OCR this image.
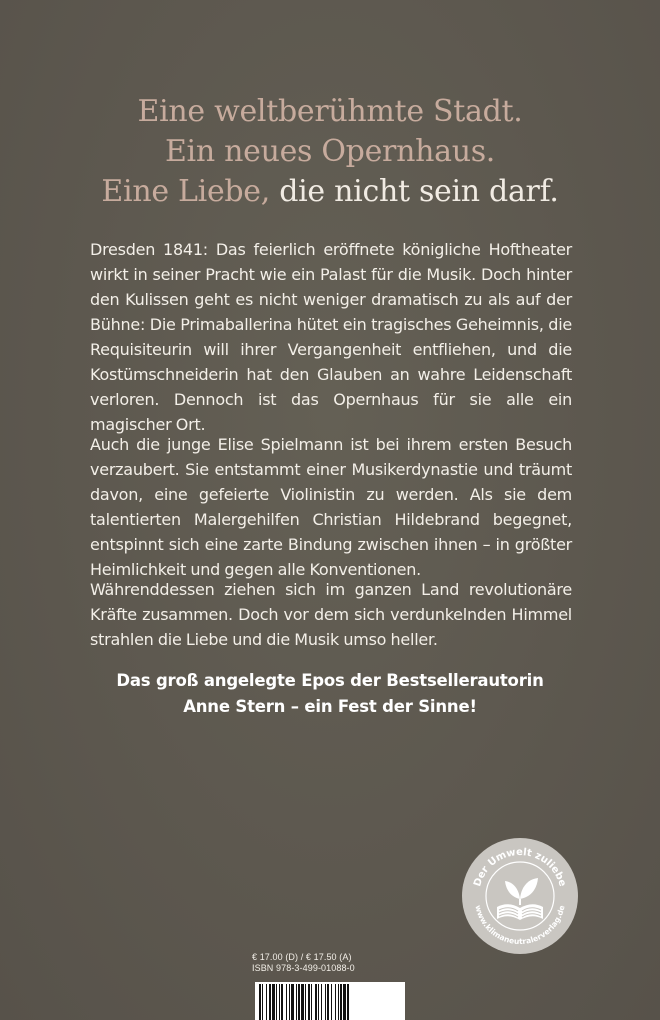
Eine weltberühmte Stadt.
Ein neues Opernhaus.
Eine Liebe, die nicht sein darf.

Dresden 1841: Das feierlich eröffnete königliche Hoftheater wirkt in seiner Pracht wie ein Palast für die Musik. Doch hinter den Kulissen geht es nicht weniger dramatisch zu als auf der Bühne: Die Primaballerina hütet ein tragisches Geheimnis, die Requisiteurin will ihrer Vergangenheit entfliehen, und die Kostümschneiderin hat den Glauben an wahre Leidenschaft verloren. Dennoch ist das Opernhaus für sie alle ein magischer Ort.

Auch die junge Elise Spielmann ist bei ihrem ersten Besuch verzaubert. Sie entstammt einer Musikerdynastie und träumt davon, eine gefeierte Violinistin zu werden. Als sie dem talentierten Malergehilfen Christian Hildebrand begegnet, entspinnt sich eine zarte Bindung zwischen ihnen – in größter Heimlichkeit und gegen alle Konventionen.

Währenddessen ziehen sich im ganzen Land revolutionäre Kräfte zusammen. Doch vor dem sich verdunkelnden Himmel strahlen die Liebe und die Musik umso heller.

Das groß angelegte Epos der Bestsellerautorin
Anne Stern – ein Fest der Sinne!
Der Umwelt zuliebe
www.klimaneutralerverlag.de
€ 17.00 (D) / € 17.50 (A)
ISBN 978-3-499-01088-0
